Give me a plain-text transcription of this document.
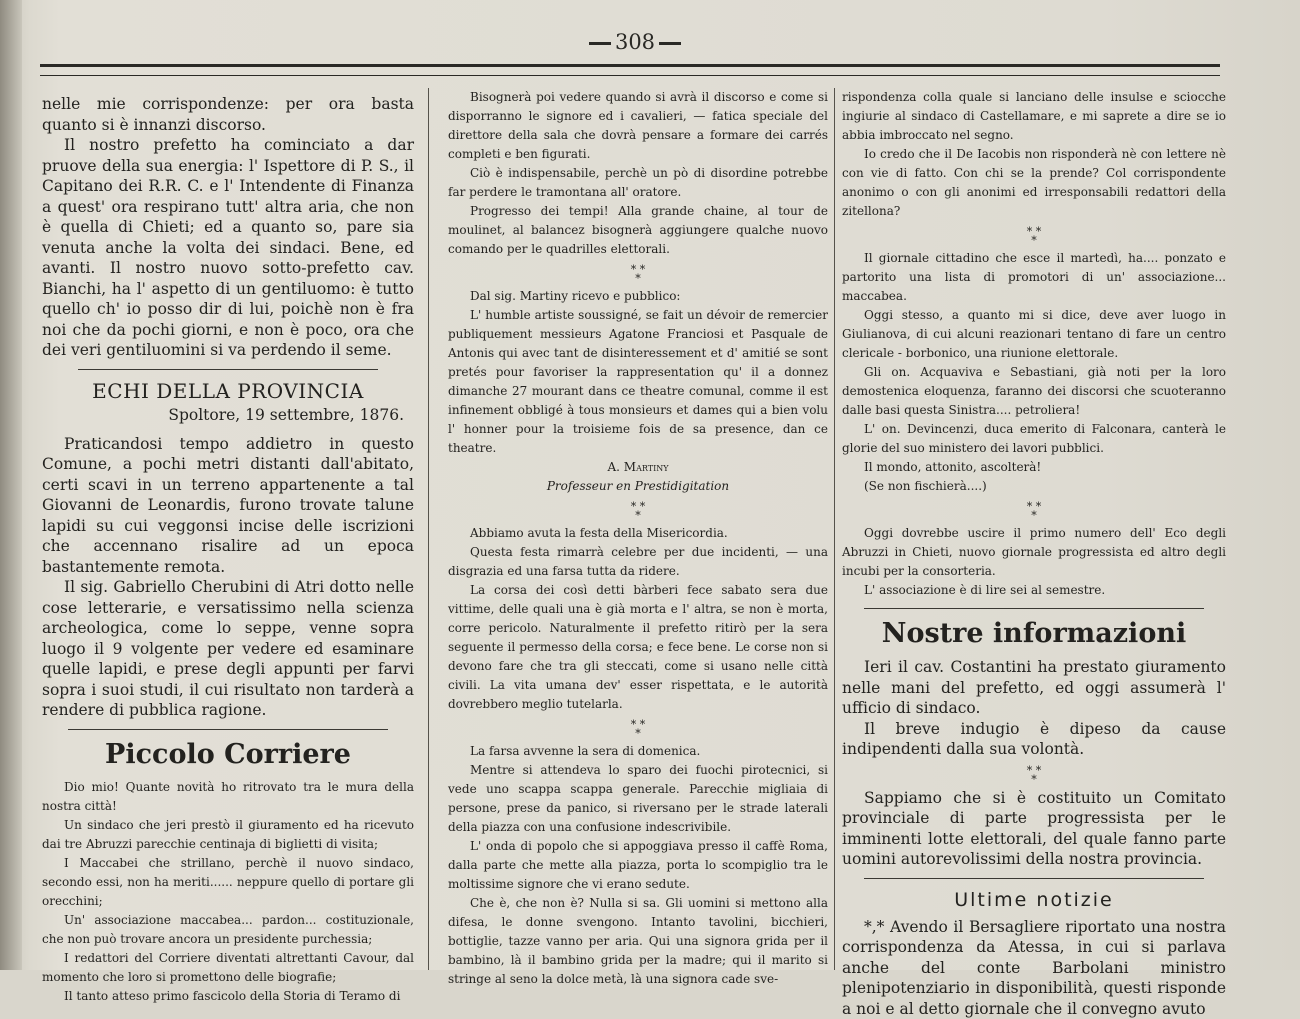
308

nelle mie corrispondenze: per ora basta quanto si è innanzi discorso.

Il nostro prefetto ha cominciato a dar pruove della sua energia: l' Ispettore di P. S., il Capitano dei R.R. C. e l' Intendente di Finanza a quest' ora respirano tutt' altra aria, che non è quella di Chieti; ed a quanto so, pare sia venuta anche la volta dei sindaci. Bene, ed avanti. Il nostro nuovo sotto-prefetto cav. Bianchi, ha l' aspetto di un gentiluomo: è tutto quello ch' io posso dir di lui, poichè non è fra noi che da pochi giorni, e non è poco, ora che dei veri gentiluomini si va perdendo il seme.

ECHI DELLA PROVINCIA
Spoltore, 19 settembre, 1876.

Praticandosi tempo addietro in questo Comune, a pochi metri distanti dall'abitato, certi scavi in un terreno appartenente a tal Giovanni de Leonardis, furono trovate talune lapidi su cui veggonsi incise delle iscrizioni che accennano risalire ad un epoca bastantemente remota.

Il sig. Gabriello Cherubini di Atri dotto nelle cose letterarie, e versatissimo nella scienza archeologica, come lo seppe, venne sopra luogo il 9 volgente per vedere ed esaminare quelle lapidi, e prese degli appunti per farvi sopra i suoi studi, il cui risultato non tarderà a rendere di pubblica ragione.

Piccolo Corriere

Dio mio! Quante novità ho ritrovato tra le mura della nostra città!

Un sindaco che jeri prestò il giuramento ed ha ricevuto dai tre Abruzzi parecchie centinaja di biglietti di visita;

I Maccabei che strillano, perchè il nuovo sindaco, secondo essi, non ha meriti...... neppure quello di portare gli orecchini;

Un' associazione maccabea... pardon... costituzionale, che non può trovare ancora un presidente purchessia;

I redattori del Corriere diventati altrettanti Cavour, dal momento che loro si promettono delle biografie;

Il tanto atteso primo fascicolo della Storia di Teramo di

Bisognerà poi vedere quando si avrà il discorso e come si disporranno le signore ed i cavalieri, — fatica speciale del direttore della sala che dovrà pensare a formare dei carrés completi e ben figurati.

Ciò è indispensabile, perchè un pò di disordine potrebbe far perdere le tramontana all' oratore.

Progresso dei tempi! Alla grande chaine, al tour de moulinet, al balancez bisognerà aggiungere qualche nuovo comando per le quadrilles elettorali.

* *
*

Dal sig. Martiny ricevo e pubblico:

L' humble artiste soussigné, se fait un dévoir de remercier publiquement messieurs Agatone Franciosi et Pasquale de Antonis qui avec tant de disinteressement et d' amitié se sont pretés pour favoriser la rappresentation qu' il a donnez dimanche 27 mourant dans ce theatre comunal, comme il est infinement obbligé à tous monsieurs et dames qui a bien volu l' honner pour la troisieme fois de sa presence, dan ce theatre.

A. Martiny
Professeur en Prestidigitation
* *
*

Abbiamo avuta la festa della Misericordia.

Questa festa rimarrà celebre per due incidenti, — una disgrazia ed una farsa tutta da ridere.

La corsa dei così detti bàrberi fece sabato sera due vittime, delle quali una è già morta e l' altra, se non è morta, corre pericolo. Naturalmente il prefetto ritirò per la sera seguente il permesso della corsa; e fece bene. Le corse non si devono fare che tra gli steccati, come si usano nelle città civili. La vita umana dev' esser rispettata, e le autorità dovrebbero meglio tutelarla.

* *
*

La farsa avvenne la sera di domenica.

Mentre si attendeva lo sparo dei fuochi pirotecnici, si vede uno scappa scappa generale. Parecchie migliaia di persone, prese da panico, si riversano per le strade laterali della piazza con una confusione indescrivibile.

L' onda di popolo che si appoggiava presso il caffè Roma, dalla parte che mette alla piazza, porta lo scompiglio tra le moltissime signore che vi erano sedute.

Che è, che non è? Nulla si sa. Gli uomini si mettono alla difesa, le donne svengono. Intanto tavolini, bicchieri, bottiglie, tazze vanno per aria. Qui una signora grida per il bambino, là il bambino grida per la madre; qui il marito si stringe al seno la dolce metà, là una signora cade sve-

rispondenza colla quale si lanciano delle insulse e sciocche ingiurie al sindaco di Castellamare, e mi saprete a dire se io abbia imbroccato nel segno.

Io credo che il De Iacobis non risponderà nè con lettere nè con vie di fatto. Con chi se la prende? Col corrispondente anonimo o con gli anonimi ed irresponsabili redattori della zitellona?

* *
*

Il giornale cittadino che esce il martedì, ha.... ponzato e partorito una lista di promotori di un' associazione... maccabea.

Oggi stesso, a quanto mi si dice, deve aver luogo in Giulianova, di cui alcuni reazionari tentano di fare un centro clericale - borbonico, una riunione elettorale.

Gli on. Acquaviva e Sebastiani, già noti per la loro demostenica eloquenza, faranno dei discorsi che scuoteranno dalle basi questa Sinistra.... petroliera!

L' on. Devincenzi, duca emerito di Falconara, canterà le glorie del suo ministero dei lavori pubblici.

Il mondo, attonito, ascolterà!

(Se non fischierà....)

* *
*

Oggi dovrebbe uscire il primo numero dell' Eco degli Abruzzi in Chieti, nuovo giornale progressista ed altro degli incubi per la consorteria.

L' associazione è di lire sei al semestre.

Nostre informazioni

Ieri il cav. Costantini ha prestato giuramento nelle mani del prefetto, ed oggi assumerà l' ufficio di sindaco.

Il breve indugio è dipeso da cause indipendenti dalla sua volontà.

* *
*

Sappiamo che si è costituito un Comitato provinciale di parte progressista per le imminenti lotte elettorali, del quale fanno parte uomini autorevolissimi della nostra provincia.

Ultime notizie

*,* Avendo il Bersagliere riportato una nostra corrispondenza da Atessa, in cui si parlava anche del conte Barbolani ministro plenipotenziario in disponibilità, questi risponde a noi e al detto giornale che il convegno avuto
